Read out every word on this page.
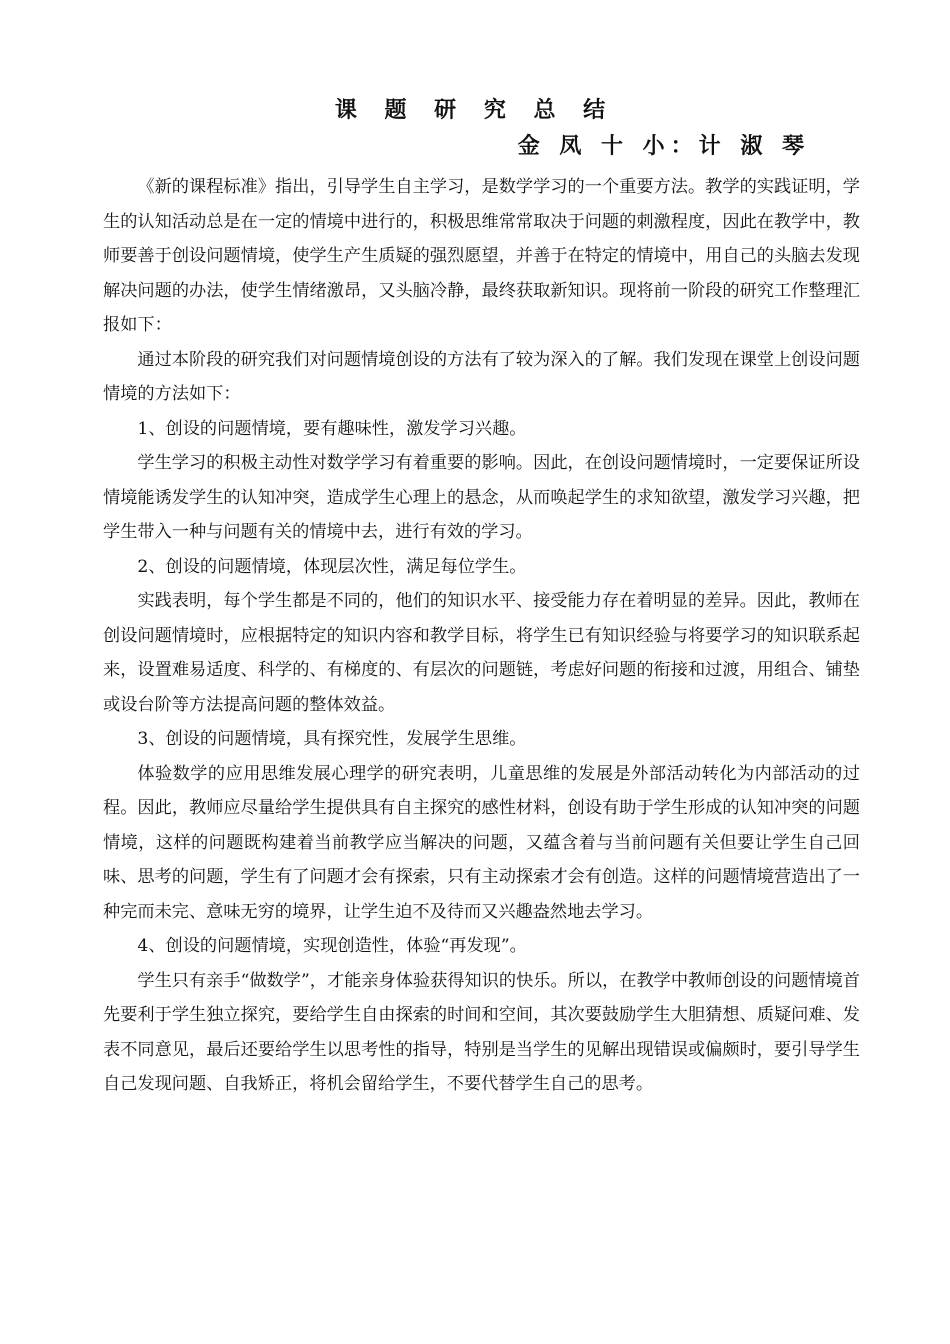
课 题 研 究 总 结
金 凤 十 小：计 淑 琴

《新的课程标准》指出，引导学生自主学习，是数学学习的一个重要方法。教学的实践证明，学生的认知活动总是在一定的情境中进行的，积极思维常常取决于问题的刺激程度，因此在教学中，教师要善于创设问题情境，使学生产生质疑的强烈愿望，并善于在特定的情境中，用自己的头脑去发现解决问题的办法，使学生情绪激昂，又头脑冷静，最终获取新知识。现将前一阶段的研究工作整理汇报如下：

通过本阶段的研究我们对问题情境创设的方法有了较为深入的了解。我们发现在课堂上创设问题情境的方法如下：

1、创设的问题情境，要有趣味性，激发学习兴趣。

学生学习的积极主动性对数学学习有着重要的影响。因此，在创设问题情境时，一定要保证所设情境能诱发学生的认知冲突，造成学生心理上的悬念，从而唤起学生的求知欲望，激发学习兴趣，把学生带入一种与问题有关的情境中去，进行有效的学习。

2、创设的问题情境，体现层次性，满足每位学生。

实践表明，每个学生都是不同的，他们的知识水平、接受能力存在着明显的差异。因此，教师在创设问题情境时，应根据特定的知识内容和教学目标，将学生已有知识经验与将要学习的知识联系起来，设置难易适度、科学的、有梯度的、有层次的问题链，考虑好问题的衔接和过渡，用组合、铺垫或设台阶等方法提高问题的整体效益。

3、创设的问题情境，具有探究性，发展学生思维。

体验数学的应用思维发展心理学的研究表明，儿童思维的发展是外部活动转化为内部活动的过程。因此，教师应尽量给学生提供具有自主探究的感性材料，创设有助于学生形成的认知冲突的问题情境，这样的问题既构建着当前教学应当解决的问题，又蕴含着与当前问题有关但要让学生自己回味、思考的问题，学生有了问题才会有探索，只有主动探索才会有创造。这样的问题情境营造出了一种完而未完、意味无穷的境界，让学生迫不及待而又兴趣盎然地去学习。

4、创设的问题情境，实现创造性，体验“再发现”。

学生只有亲手“做数学”，才能亲身体验获得知识的快乐。所以，在教学中教师创设的问题情境首先要利于学生独立探究，要给学生自由探索的时间和空间，其次要鼓励学生大胆猜想、质疑问难、发表不同意见，最后还要给学生以思考性的指导，特别是当学生的见解出现错误或偏颇时，要引导学生自己发现问题、自我矫正，将机会留给学生，不要代替学生自己的思考。
